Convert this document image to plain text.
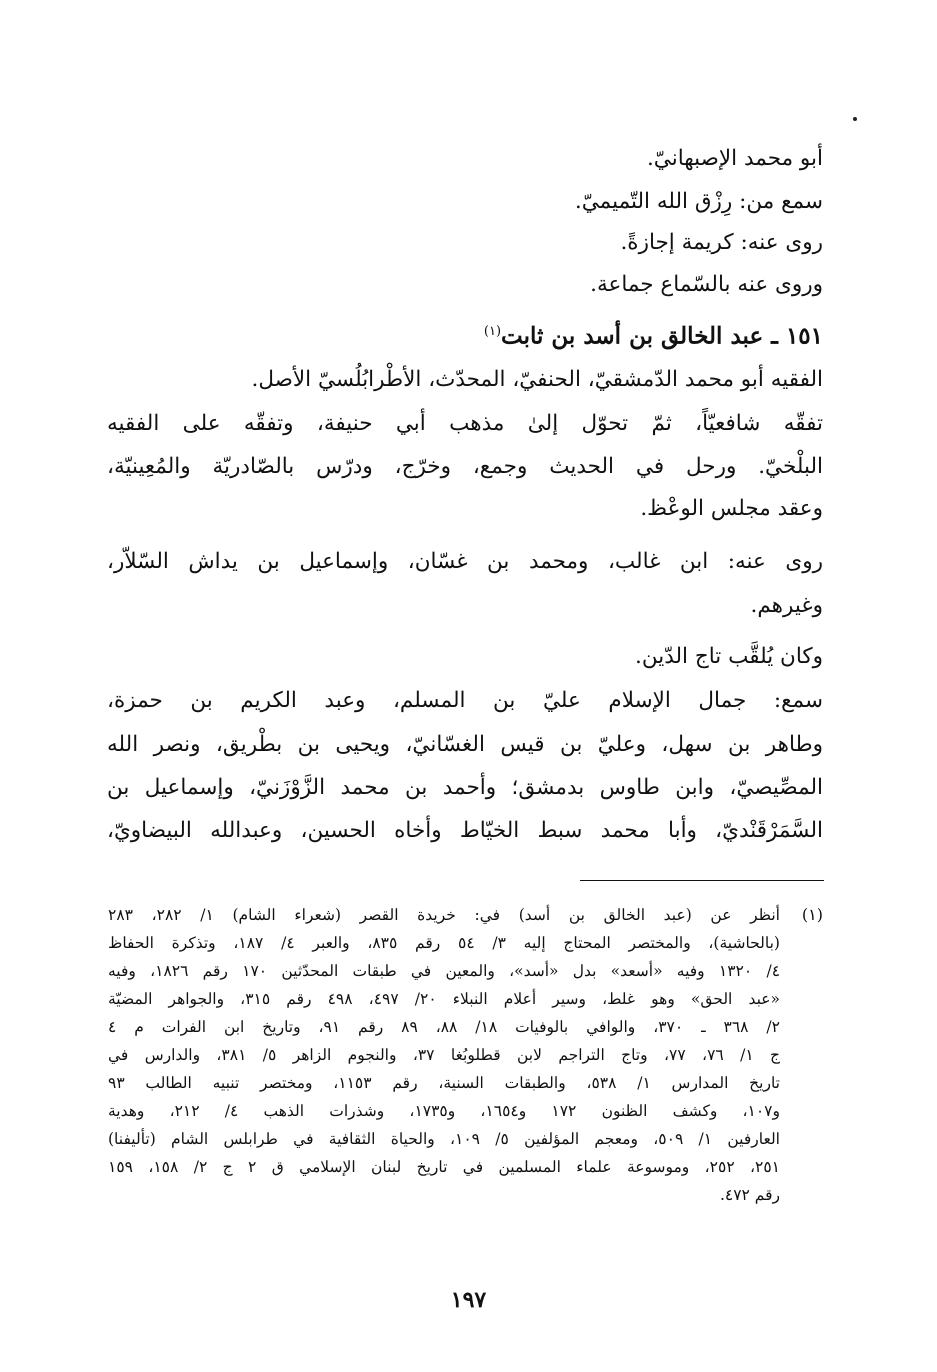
أبو محمد الإصبهانيّ.
سمع من: رِزْق الله التّميميّ.
روى عنه: كريمة إجازةً.
وروى عنه بالسّماع جماعة.
١٥١ ـ عبد الخالق بن أسد بن ثابت$^{(١)}$
الفقيه أبو محمد الدّمشقيّ، الحنفيّ، المحدّث، الأطْرابُلُسيّ الأصل.
تفقّه شافعيّاً، ثمّ تحوّل إلىٰ مذهب أبي حنيفة، وتفقّه على الفقيه
البلْخيّ. ورحل في الحديث وجمع، وخرّج، ودرّس بالصّادريّة والمُعِينيّة،
وعقد مجلس الوعْظ.
روى عنه: ابن غالب، ومحمد بن غسّان، وإسماعيل بن يداش السّلاّر،
وغيرهم.
وكان يُلقَّب تاج الدّين.
سمع: جمال الإسلام عليّ بن المسلم، وعبد الكريم بن حمزة،
وطاهر بن سهل، وعليّ بن قيس الغسّانيّ، ويحيى بن بطْريق، ونصر الله
المصِّيصيّ، وابن طاوس بدمشق؛ وأحمد بن محمد الزَّوْزَنيّ، وإسماعيل بن
السَّمَرْقَنْديّ، وأبا محمد سبط الخيّاط وأخاه الحسين، وعبدالله البيضاويّ،
(١)
أنظر عن (عبد الخالق بن أسد) في: خريدة القصر (شعراء الشام) ١/ ٢٨٢، ٢٨٣
(بالحاشية)، والمختصر المحتاج إليه ٣/ ٥٤ رقم ٨٣٥، والعبر ٤/ ١٨٧، وتذكرة الحفاظ
٤/ ١٣٢٠ وفيه «أسعد» بدل «أسد»، والمعين في طبقات المحدّثين ١٧٠ رقم ١٨٢٦، وفيه
«عبد الحق» وهو غلط، وسير أعلام النبلاء ٢٠/ ٤٩٧، ٤٩٨ رقم ٣١٥، والجواهر المضيّة
٢/ ٣٦٨ ـ ٣٧٠، والوافي بالوفيات ١٨/ ٨٨، ٨٩ رقم ٩١، وتاريخ ابن الفرات م ٤
ج ١/ ٧٦، ٧٧، وتاج التراجم لابن قطلوبُغا ٣٧، والنجوم الزاهر ٥/ ٣٨١، والدارس في
تاريخ المدارس ١/ ٥٣٨، والطبقات السنية، رقم ١١٥٣، ومختصر تنبيه الطالب ٩٣
و١٠٧، وكشف الظنون ١٧٢ و١٦٥٤، و١٧٣٥، وشذرات الذهب ٤/ ٢١٢، وهدية
العارفين ١/ ٥٠٩، ومعجم المؤلفين ٥/ ١٠٩، والحياة الثقافية في طرابلس الشام (تأليفنا)
٢٥١، ٢٥٢، وموسوعة علماء المسلمين في تاريخ لبنان الإسلامي ق ٢ ج ٢/ ١٥٨، ١٥٩
رقم ٤٧٢.
١٩٧
